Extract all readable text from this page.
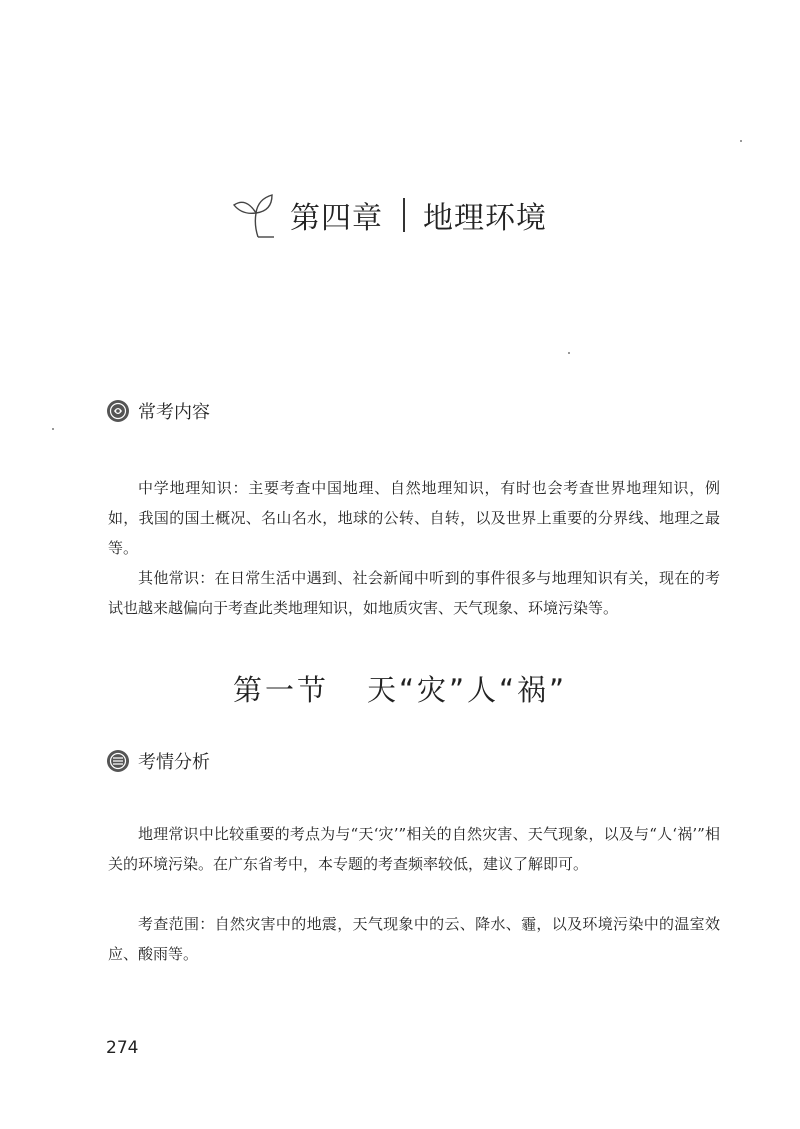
第四章 地理环境
常考内容

中学地理知识：主要考查中国地理、自然地理知识，有时也会考查世界地理知识，例如，我国的国土概况、名山名水，地球的公转、自转，以及世界上重要的分界线、地理之最等。

其他常识：在日常生活中遇到、社会新闻中听到的事件很多与地理知识有关，现在的考试也越来越偏向于考查此类地理知识，如地质灾害、天气现象、环境污染等。

第一节 天“灾”人“祸”
考情分析

地理常识中比较重要的考点为与“天‘灾’”相关的自然灾害、天气现象，以及与“人‘祸’”相关的环境污染。在广东省考中，本专题的考查频率较低，建议了解即可。

考查范围：自然灾害中的地震，天气现象中的云、降水、霾，以及环境污染中的温室效应、酸雨等。

274
